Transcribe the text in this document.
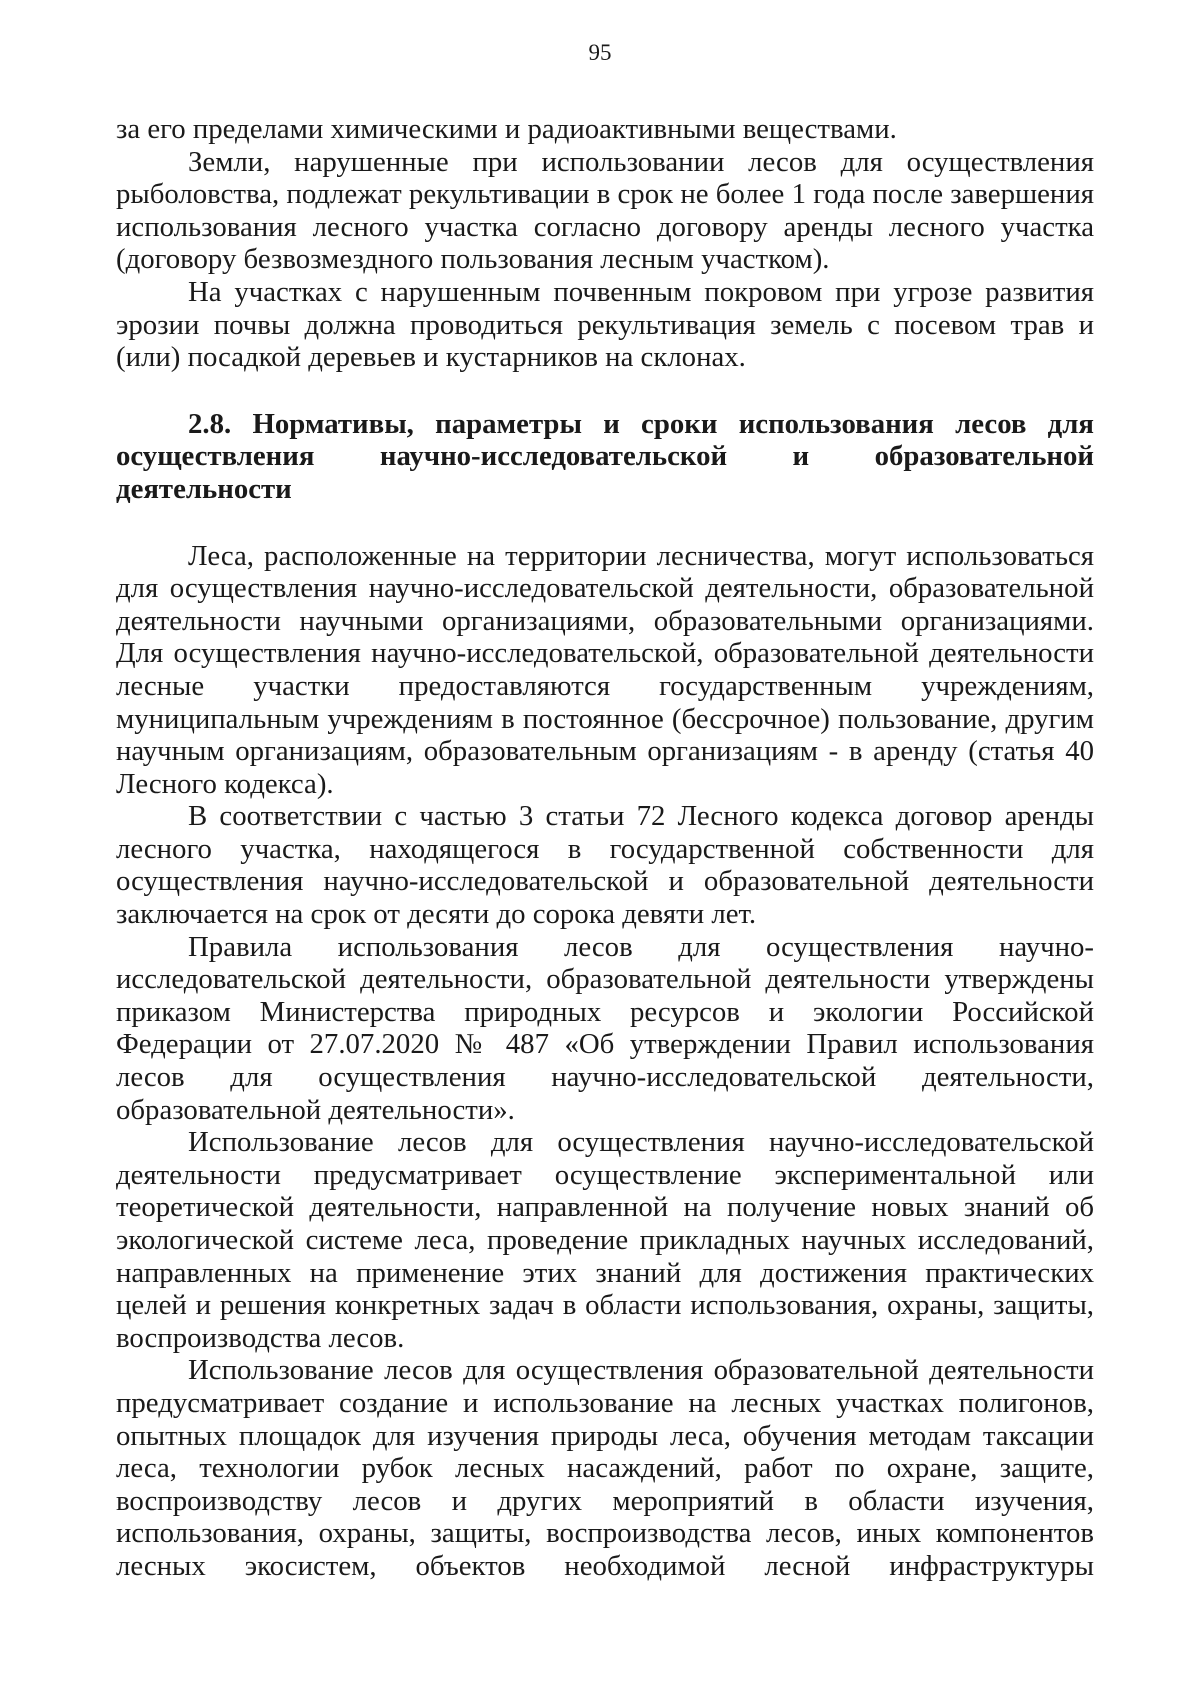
95

за его пределами химическими и радиоактивными веществами.

Земли, нарушенные при использовании лесов для осуществления рыболовства, подлежат рекультивации в срок не более 1 года после завершения использования лесного участка согласно договору аренды лесного участка (договору безвозмездного пользования лесным участком).

На участках с нарушенным почвенным покровом при угрозе развития эрозии почвы должна проводиться рекультивация земель с посевом трав и (или) посадкой деревьев и кустарников на склонах.

2.8. Нормативы, параметры и сроки использования лесов для осуществления научно-исследовательской и образовательной деятельности

Леса, расположенные на территории лесничества, могут использоваться для осуществления научно-исследовательской деятельности, образовательной деятельности научными организациями, образовательными организациями. Для осуществления научно-исследовательской, образовательной деятельности лесные участки предоставляются государственным учреждениям, муниципальным учреждениям в постоянное (бессрочное) пользование, другим научным организациям, образовательным организациям - в аренду (статья 40 Лесного кодекса).

В соответствии с частью 3 статьи 72 Лесного кодекса договор аренды лесного участка, находящегося в государственной собственности для осуществления научно-исследовательской и образовательной деятельности заключается на срок от десяти до сорока девяти лет.

Правила использования лесов для осуществления научно-исследовательской деятельности, образовательной деятельности утверждены приказом Министерства природных ресурсов и экологии Российской Федерации от 27.07.2020 № 487 «Об утверждении Правил использования лесов для осуществления научно-исследовательской деятельности, образовательной деятельности».

Использование лесов для осуществления научно-исследовательской деятельности предусматривает осуществление экспериментальной или теоретической деятельности, направленной на получение новых знаний об экологической системе леса, проведение прикладных научных исследований, направленных на применение этих знаний для достижения практических целей и решения конкретных задач в области использования, охраны, защиты, воспроизводства лесов.

Использование лесов для осуществления образовательной деятельности предусматривает создание и использование на лесных участках полигонов, опытных площадок для изучения природы леса, обучения методам таксации леса, технологии рубок лесных насаждений, работ по охране, защите, воспроизводству лесов и других мероприятий в области изучения, использования, охраны, защиты, воспроизводства лесов, иных компонентов лесных экосистем, объектов необходимой лесной инфраструктуры
